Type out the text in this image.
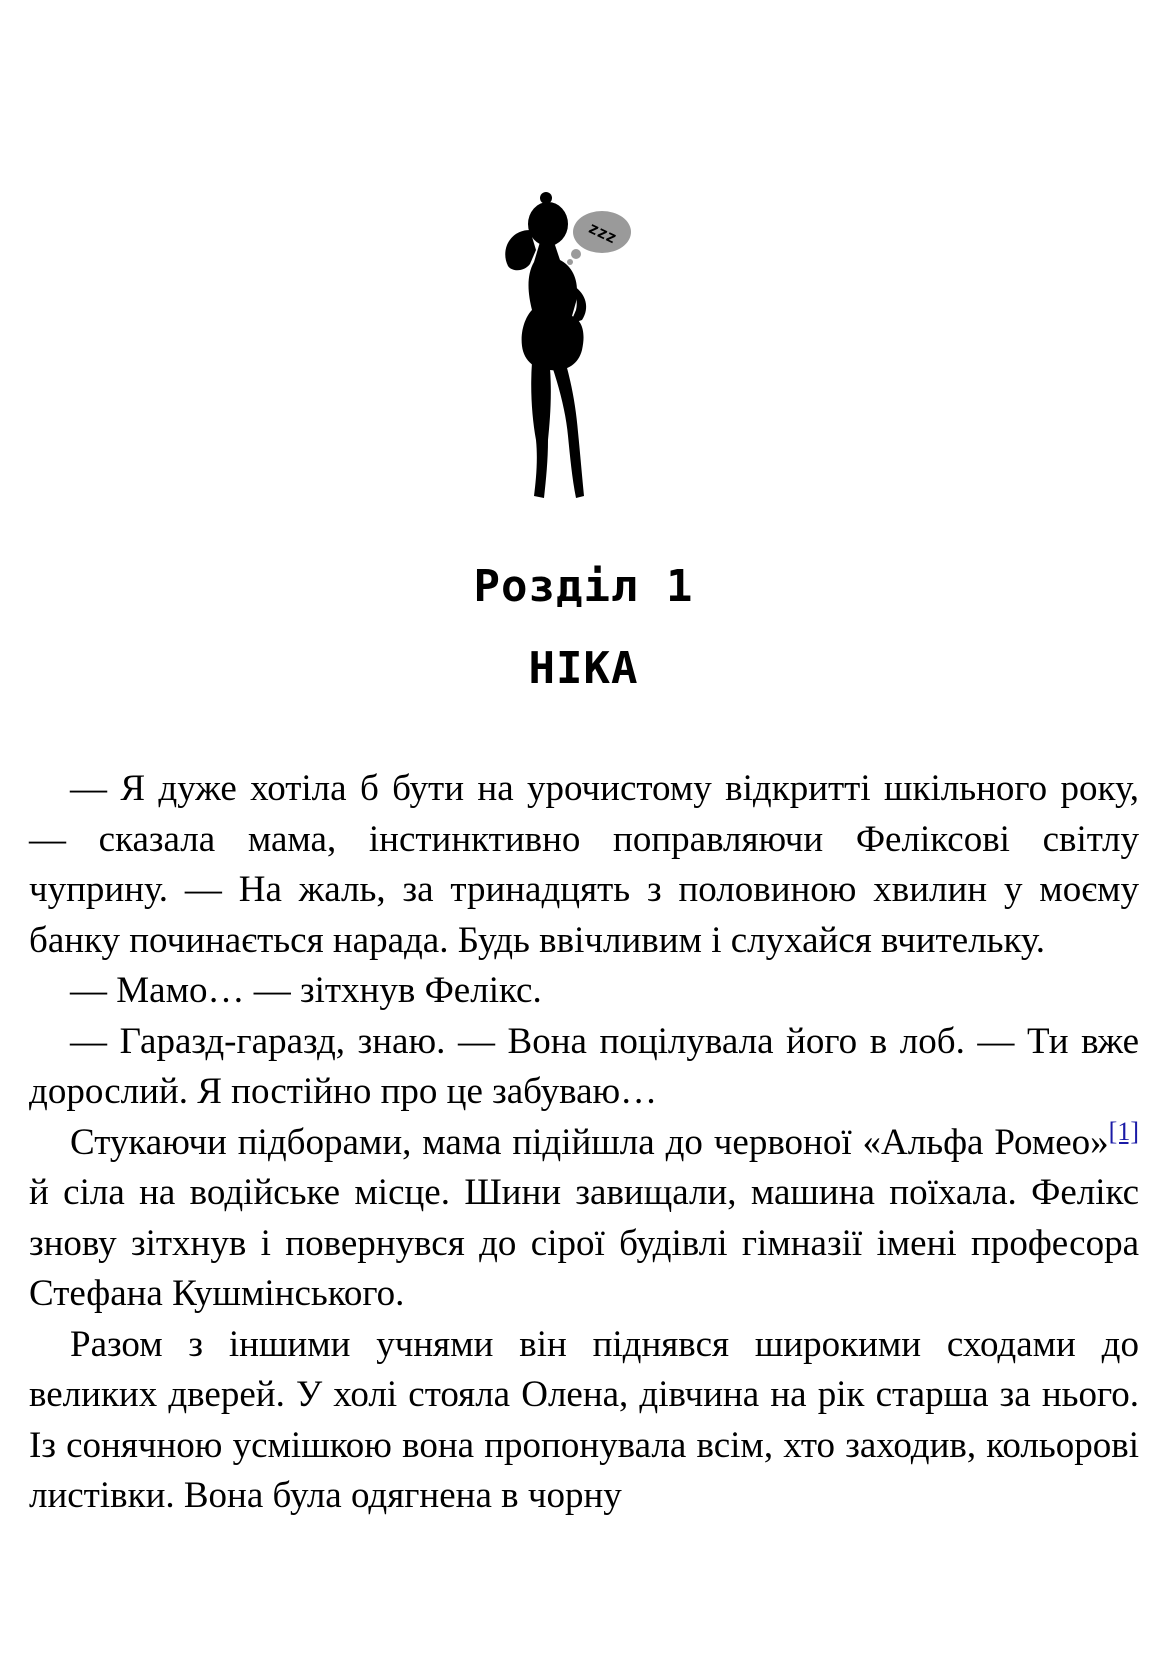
zzz
Розділ 1
НІКА

— Я дуже хотіла б бути на урочистому відкритті шкільного року, — сказала мама, інстинктивно поправляючи Феліксові світлу чуприну. — На жаль, за тринадцять з половиною хвилин у моєму банку починається нарада. Будь ввічливим і слухайся вчительку.

— Мамо… — зітхнув Фелікс.

— Гаразд-гаразд, знаю. — Вона поцілувала його в лоб. — Ти вже дорослий. Я постійно про це забуваю…

Стукаючи підборами, мама підійшла до червоної «Альфа Ромео»[1] й сіла на водійське місце. Шини завищали, машина поїхала. Фелікс знову зітхнув і повернувся до сірої будівлі гімназії імені професора Стефана Кушмінського.

Разом з іншими учнями він піднявся широкими сходами до великих дверей. У холі стояла Олена, дівчина на рік старша за нього. Із сонячною усмішкою вона пропонувала всім, хто заходив, кольорові листівки. Вона була одягнена в чорну
